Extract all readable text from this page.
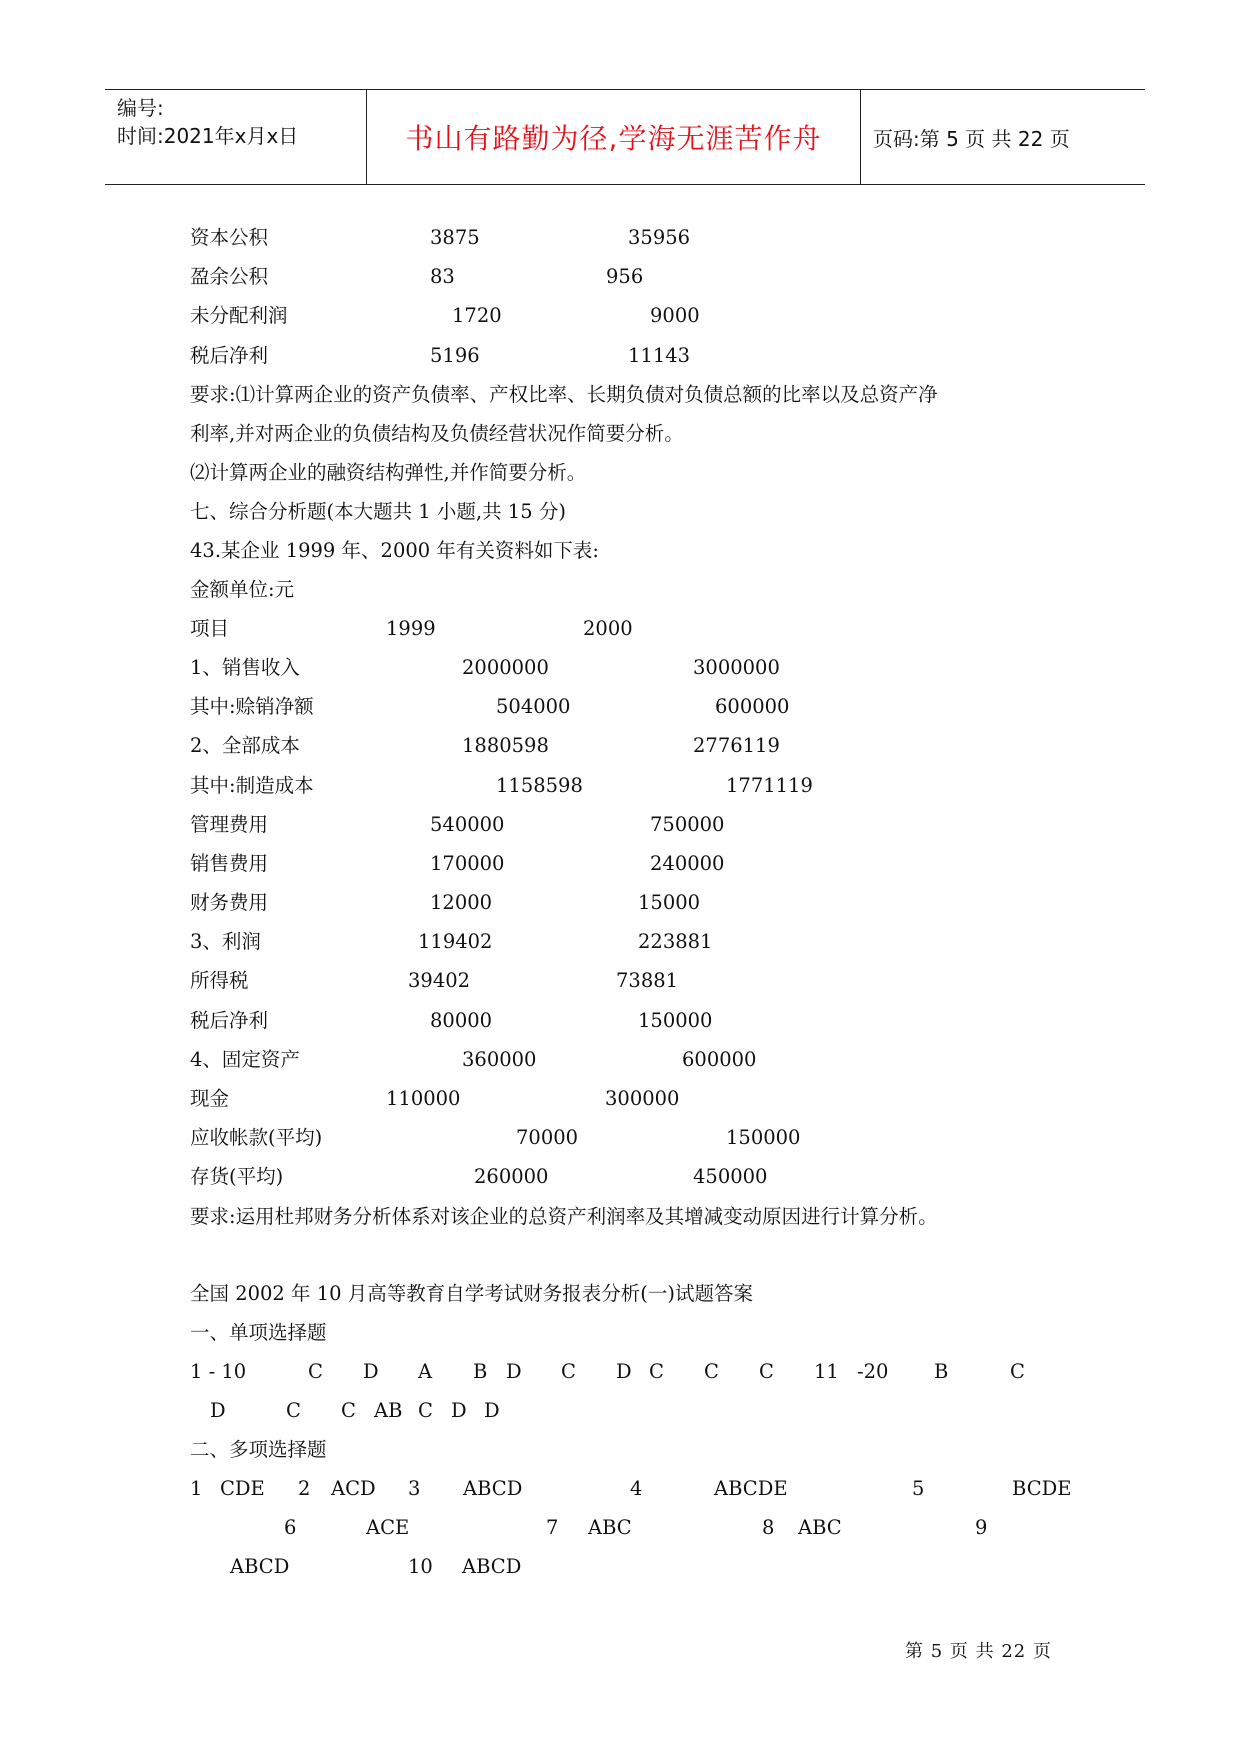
编号:
时间:2021年x月x日	书山有路勤为径,学海无涯苦作舟	页码:第 5 页 共 22 页
资本公积	3875	35956
盈余公积	83	956
未分配利润	1720	9000
税后净利	5196	11143
要求:⑴计算两企业的资产负债率、产权比率、长期负债对负债总额的比率以及总资产净
利率,并对两企业的负债结构及负债经营状况作简要分析。
⑵计算两企业的融资结构弹性,并作简要分析。
七、综合分析题(本大题共 1 小题,共 15 分)
43.某企业 1999 年、2000 年有关资料如下表:
金额单位:元
项目	1999	2000
1、销售收入	2000000	3000000
其中:赊销净额	504000	600000
2、全部成本	1880598	2776119
其中:制造成本	1158598	1771119
管理费用	540000	750000
销售费用	170000	240000
财务费用	12000	15000
3、利润	119402	223881
所得税	39402	73881
税后净利	80000	150000
4、固定资产	360000	600000
现金	110000	300000
应收帐款(平均)	70000	150000
存货(平均)	260000	450000
要求:运用杜邦财务分析体系对该企业的总资产利润率及其增减变动原因进行计算分析。
全国 2002 年 10 月高等教育自学考试财务报表分析(一)试题答案
一、单项选择题
1 - 10	C D A B D C D C C C 11 -20 B	C
D	C C AB C D D
二、多项选择题
1 CDE 2 ACD 3 ABCD	4	ABCDE	5	BCDE
6	ACE	7 ABC	8 ABC	9
ABCD	10 ABCD
第 5 页 共 22 页
